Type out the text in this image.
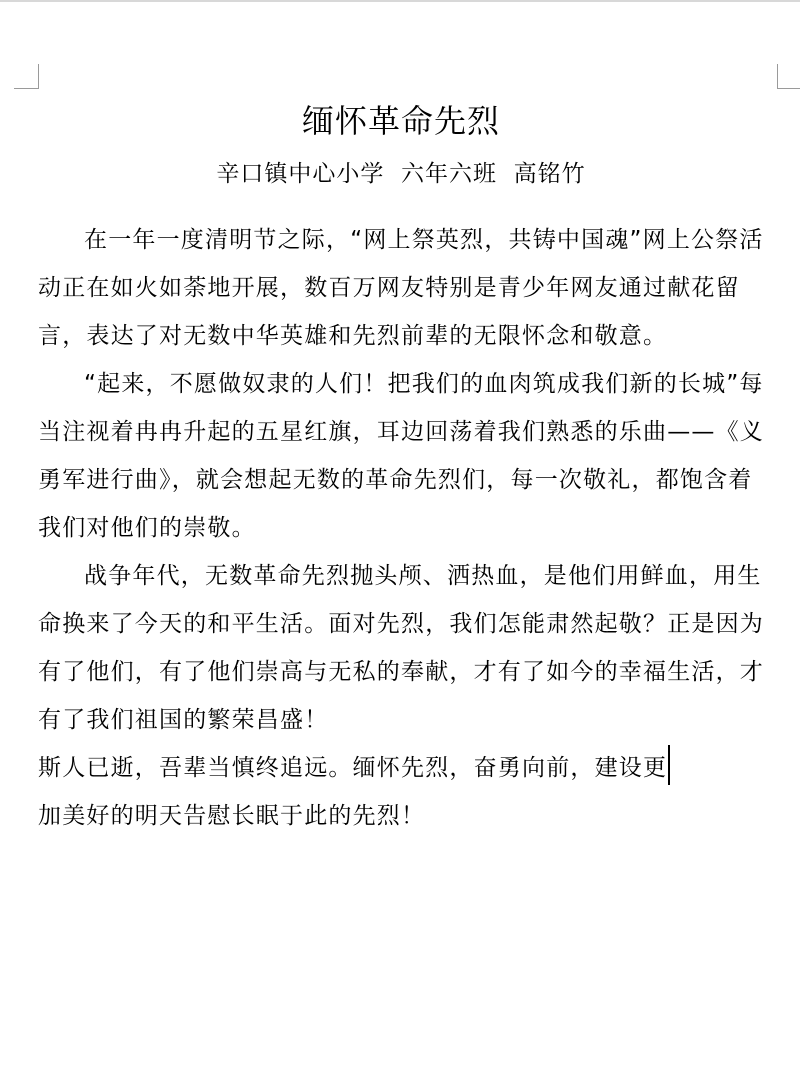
缅怀革命先烈

辛口镇中心小学  六年六班  高铭竹

在一年一度清明节之际，“网上祭英烈，共铸中国魂”网上公祭活动正在如火如荼地开展，数百万网友特别是青少年网友通过献花留言，表达了对无数中华英雄和先烈前辈的无限怀念和敬意。

“起来，不愿做奴隶的人们！把我们的血肉筑成我们新的长城”每当注视着冉冉升起的五星红旗，耳边回荡着我们熟悉的乐曲——《义勇军进行曲》，就会想起无数的革命先烈们，每一次敬礼，都饱含着我们对他们的崇敬。

战争年代，无数革命先烈抛头颅、洒热血，是他们用鲜血，用生命换来了今天的和平生活。面对先烈，我们怎能肃然起敬？正是因为有了他们，有了他们崇高与无私的奉献，才有了如今的幸福生活，才有了我们祖国的繁荣昌盛！

斯人已逝，吾辈当慎终追远。缅怀先烈，奋勇向前，建设更

加美好的明天告慰长眠于此的先烈！
